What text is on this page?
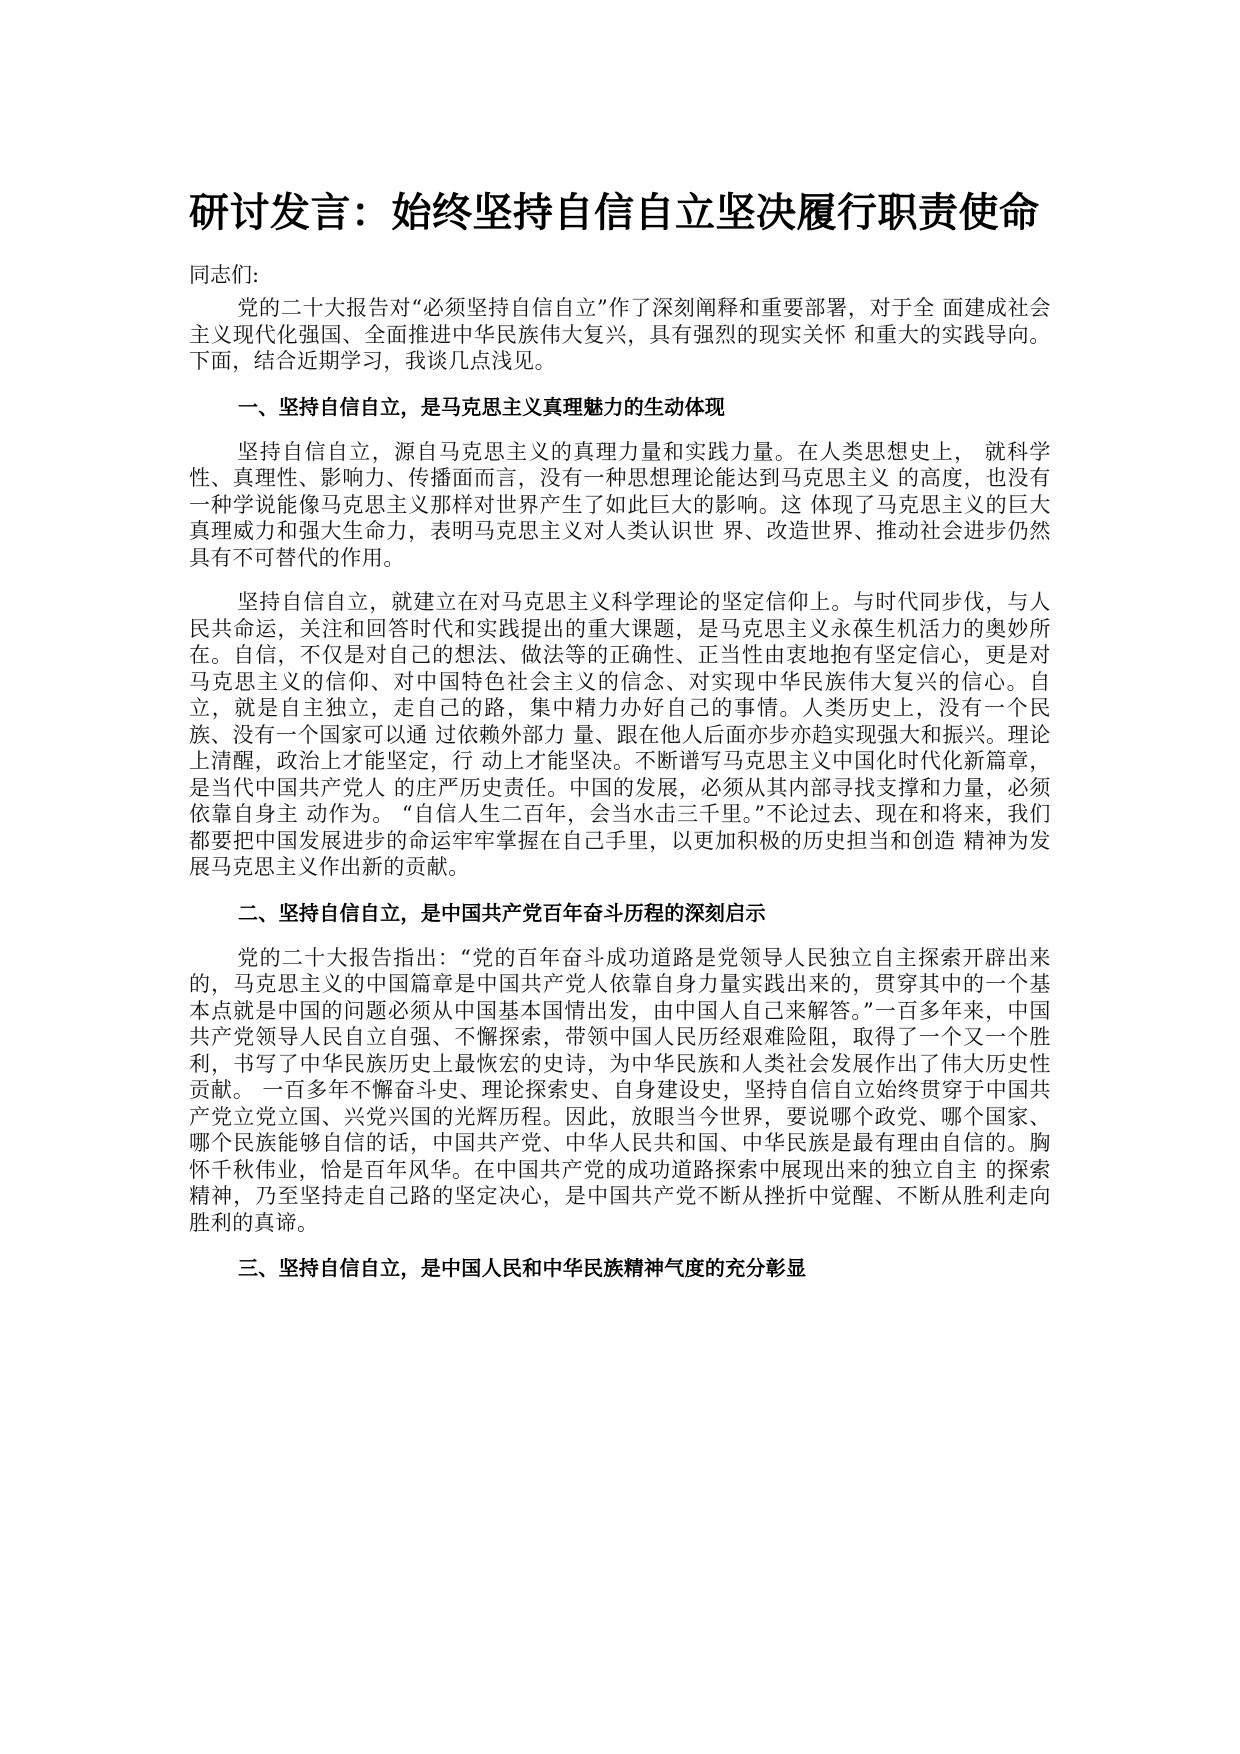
研讨发言：始终坚持自信自立坚决履行职责使命

同志们:

党的二十大报告对“必须坚持自信自立”作了深刻阐释和重要部署，对于全 面建成社会主义现代化强国、全面推进中华民族伟大复兴，具有强烈的现实关怀 和重大的实践导向。下面，结合近期学习，我谈几点浅见。

一、坚持自信自立，是马克思主义真理魅力的生动体现

坚持自信自立，源自马克思主义的真理力量和实践力量。在人类思想史上， 就科学性、真理性、影响力、传播面而言，没有一种思想理论能达到马克思主义 的高度，也没有一种学说能像马克思主义那样对世界产生了如此巨大的影响。这 体现了马克思主义的巨大真理威力和强大生命力，表明马克思主义对人类认识世 界、改造世界、推动社会进步仍然具有不可替代的作用。

坚持自信自立，就建立在对马克思主义科学理论的坚定信仰上。与时代同步伐，与人民共命运，关注和回答时代和实践提出的重大课题，是马克思主义永葆生机活力的奥妙所在。自信，不仅是对自己的想法、做法等的正确性、正当性由衷地抱有坚定信心，更是对马克思主义的信仰、对中国特色社会主义的信念、对实现中华民族伟大复兴的信心。自立，就是自主独立，走自己的路，集中精力办好自己的事情。人类历史上，没有一个民族、没有一个国家可以通 过依赖外部力 量、跟在他人后面亦步亦趋实现强大和振兴。理论上清醒，政治上才能坚定，行 动上才能坚决。不断谱写马克思主义中国化时代化新篇章，是当代中国共产党人 的庄严历史责任。中国的发展，必须从其内部寻找支撑和力量，必须依靠自身主 动作为。 “自信人生二百年，会当水击三千里。”不论过去、现在和将来，我们 都要把中国发展进步的命运牢牢掌握在自己手里，以更加积极的历史担当和创造 精神为发展马克思主义作出新的贡献。

二、坚持自信自立，是中国共产党百年奋斗历程的深刻启示

党的二十大报告指出：“党的百年奋斗成功道路是党领导人民独立自主探索开辟出来的，马克思主义的中国篇章是中国共产党人依靠自身力量实践出来的，贯穿其中的一个基本点就是中国的问题必须从中国基本国情出发，由中国人自己来解答。”一百多年来，中国共产党领导人民自立自强、不懈探索，带领中国人民历经艰难险阻，取得了一个又一个胜利，书写了中华民族历史上最恢宏的史诗，为中华民族和人类社会发展作出了伟大历史性贡献。 一百多年不懈奋斗史、理论探索史、自身建设史，坚持自信自立始终贯穿于中国共产党立党立国、兴党兴国的光辉历程。因此，放眼当今世界，要说哪个政党、哪个国家、哪个民族能够自信的话，中国共产党、中华人民共和国、中华民族是最有理由自信的。胸怀千秋伟业，恰是百年风华。在中国共产党的成功道路探索中展现出来的独立自主 的探索精神，乃至坚持走自己路的坚定决心，是中国共产党不断从挫折中觉醒、不断从胜利走向胜利的真谛。

三、坚持自信自立，是中国人民和中华民族精神气度的充分彰显
